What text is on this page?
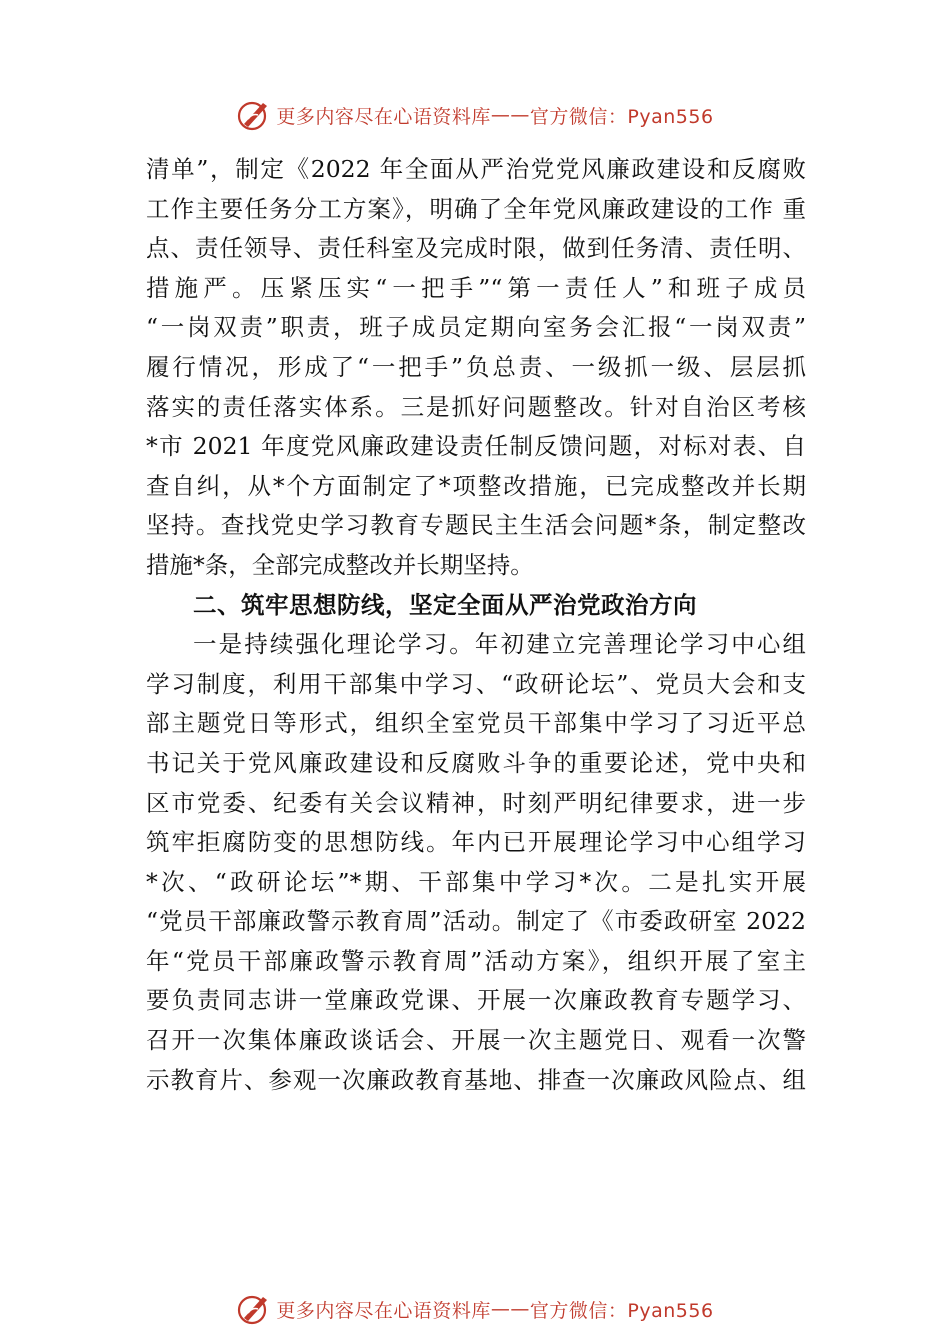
更多内容尽在心语资料库 —— 官方微信：Pyan556

清单”，制定《2022 年全面从严治党党风廉政建设和反腐败

工作主要任务分工方案》，明确了全年党风廉政建设的工作 重

点、责任领导、责任科室及完成时限，做到任务清、责任明、

措施严。压紧压实“一把手”“第一责任人”和班子成员

“一岗双责”职责，班子成员定期向室务会汇报“一岗双责”

履行情况，形成了“一把手”负总责、一级抓一级、层层抓

落实的责任落实体系。三是抓好问题整改。针对自治区考核

*市 2021 年度党风廉政建设责任制反馈问题，对标对表、自

查自纠，从*个方面制定了*项整改措施，已完成整改并长期

坚持。查找党史学习教育专题民主生活会问题*条，制定整改

措施*条，全部完成整改并长期坚持。

二、筑牢思想防线，坚定全面从严治党政治方向

一是持续强化理论学习。年初建立完善理论学习中心组

学习制度，利用干部集中学习、“政研论坛”、党员大会和支

部主题党日等形式，组织全室党员干部集中学习了习近平总

书记关于党风廉政建设和反腐败斗争的重要论述，党中央和

区市党委、纪委有关会议精神，时刻严明纪律要求，进一步

筑牢拒腐防变的思想防线。年内已开展理论学习中心组学习

*次、“政研论坛”*期、干部集中学习*次。二是扎实开展

“党员干部廉政警示教育周”活动。制定了《市委政研室 2022

年“党员干部廉政警示教育周”活动方案》，组织开展了室主

要负责同志讲一堂廉政党课、开展一次廉政教育专题学习、

召开一次集体廉政谈话会、开展一次主题党日、观看一次警

示教育片、参观一次廉政教育基地、排查一次廉政风险点、组

更多内容尽在心语资料库 —— 官方微信：Pyan556
